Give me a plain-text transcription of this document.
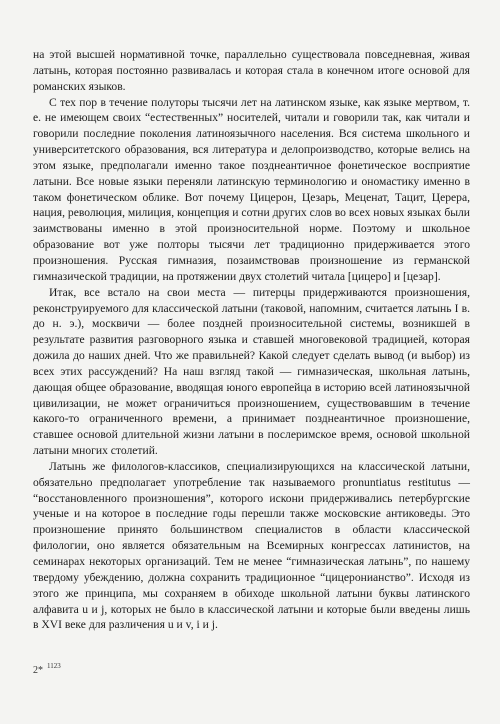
на этой высшей нормативной точке, параллельно существовала повседневная, живая латынь, которая постоянно развивалась и которая стала в конечном итоге основой для романских языков.

С тех пор в течение полуторы тысячи лет на латинском языке, как языке мертвом, т. е. не имеющем своих “естественных” носителей, читали и говорили так, как читали и говорили последние поколения латиноязычного населения. Вся система школьного и университетского образования, вся литература и делопроизводство, которые велись на этом языке, предполагали именно такое позднеантичное фонетическое восприятие латыни. Все новые языки переняли латинскую терминологию и ономастику именно в таком фонетическом облике. Вот почему Цицерон, Цезарь, Меценат, Тацит, Церера, нация, революция, милиция, концепция и сотни других слов во всех новых языках были заимствованы именно в этой произносительной норме. Поэтому и школьное образование вот уже полторы тысячи лет традиционно придерживается этого произношения. Русская гимназия, позаимствовав произношение из германской гимназической традиции, на протяжении двух столетий читала [цицеро] и [цезар].

Итак, все встало на свои места — питерцы придерживаются произношения, реконструируемого для классической латыни (таковой, напомним, считается латынь I в. до н. э.), москвичи — более поздней произносительной системы, возникшей в результате развития разговорного языка и ставшей многовековой традицией, которая дожила до наших дней. Что же правильней? Какой следует сделать вывод (и выбор) из всех этих рассуждений? На наш взгляд такой — гимназическая, школьная латынь, дающая общее образование, вводящая юного европейца в историю всей латиноязычной цивилизации, не может ограничиться произношением, существовавшим в течение какого-то ограниченного времени, а принимает позднеантичное произношение, ставшее основой длительной жизни латыни в послеримское время, основой школьной латыни многих столетий.

Латынь же филологов-классиков, специализирующихся на классической латыни, обязательно предполагает употребление так называемого pronuntiatus restitutus — “восстановленного произношения”, которого искони придерживались петербургские ученые и на которое в последние годы перешли также московские антиковеды. Это произношение принято большинством специалистов в области классической филологии, оно является обязательным на Всемирных конгрессах латинистов, на семинарах некоторых организаций. Тем не менее “гимназическая латынь”, по нашему твердому убеждению, должна сохранить традиционное “цицеронианство”. Исходя из этого же принципа, мы сохраняем в обиходе школьной латыни буквы латинского алфавита u и j, которых не было в классической латыни и которые были введены лишь в XVI веке для различения u и v, i и j.

2* $^{1123}$
